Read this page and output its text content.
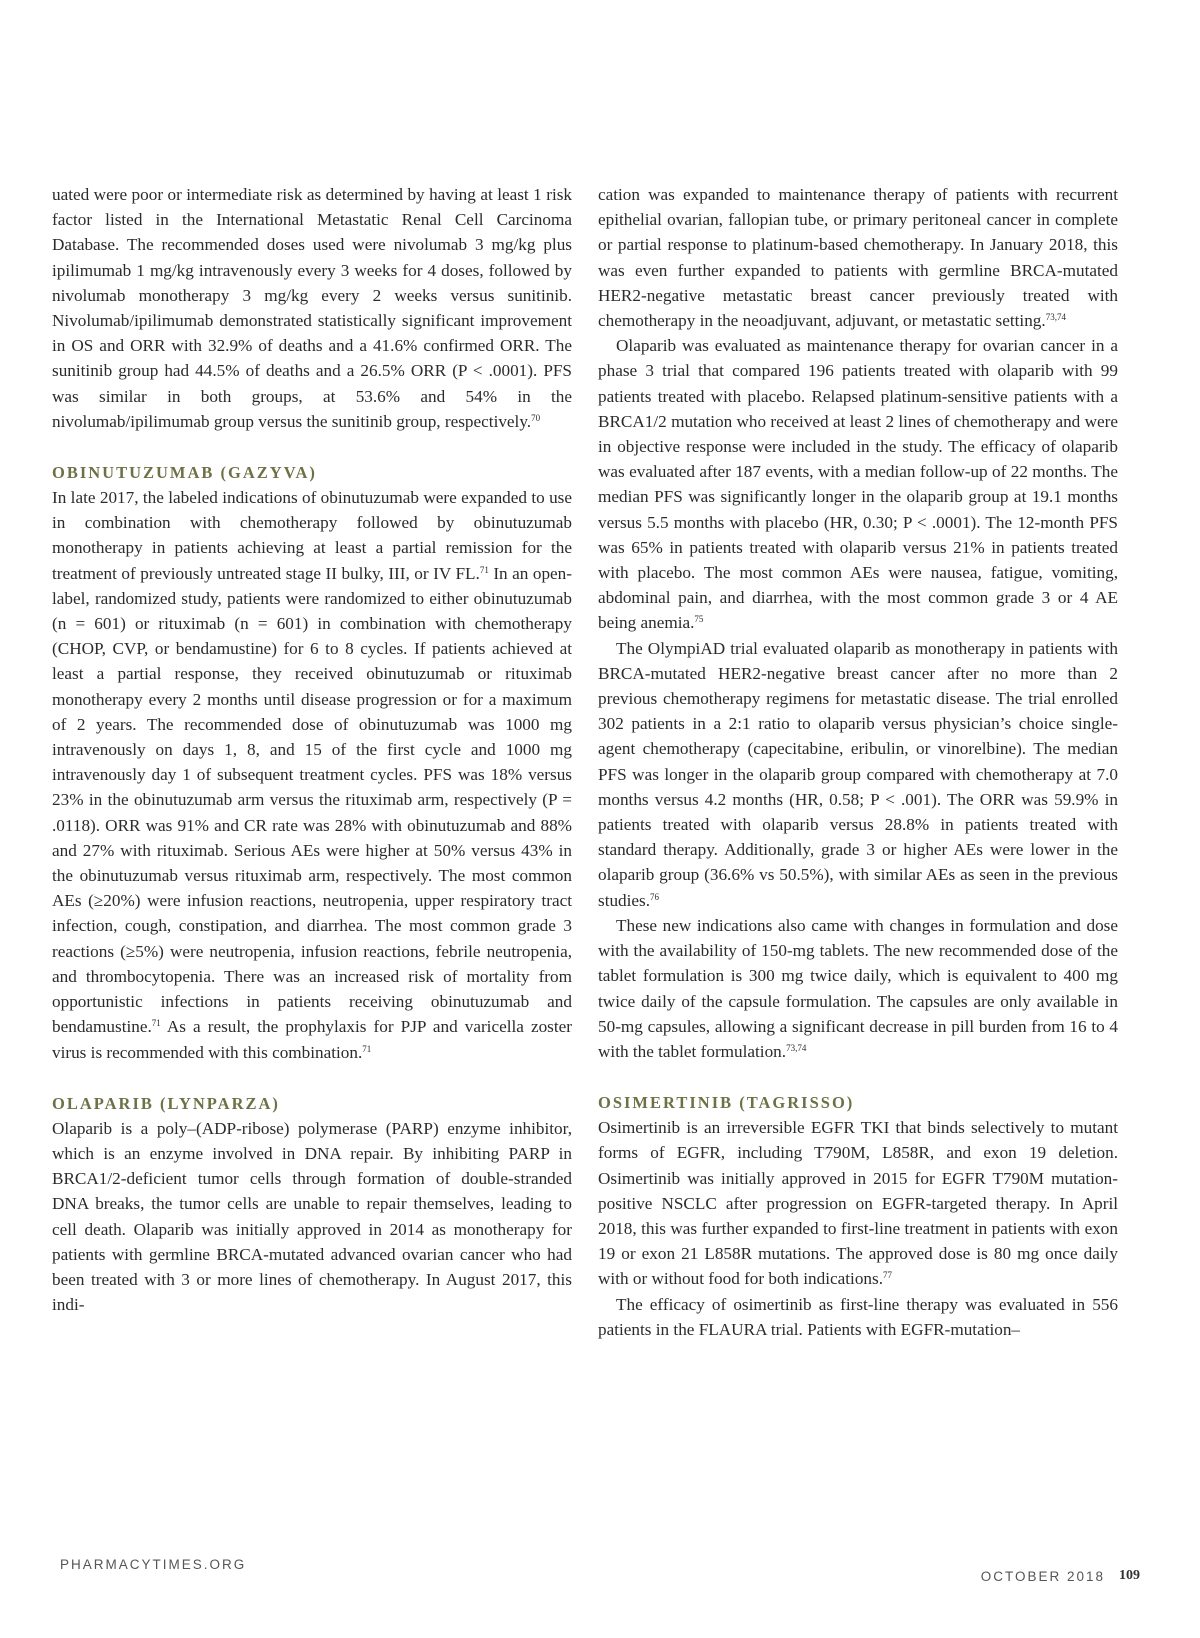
uated were poor or intermediate risk as determined by having at least 1 risk factor listed in the International Metastatic Renal Cell Carcinoma Database. The recommended doses used were nivolumab 3 mg/kg plus ipilimumab 1 mg/kg intravenously every 3 weeks for 4 doses, followed by nivolumab monotherapy 3 mg/kg every 2 weeks versus sunitinib. Nivolumab/ipilimumab demonstrated statistically significant improvement in OS and ORR with 32.9% of deaths and a 41.6% confirmed ORR. The sunitinib group had 44.5% of deaths and a 26.5% ORR (P < .0001). PFS was similar in both groups, at 53.6% and 54% in the nivolumab/ipilimumab group versus the sunitinib group, respectively.$^{70}$

OBINUTUZUMAB (GAZYVA)

In late 2017, the labeled indications of obinutuzumab were expanded to use in combination with chemotherapy followed by obinutuzumab monotherapy in patients achieving at least a partial remission for the treatment of previously untreated stage II bulky, III, or IV FL.$^{71}$ In an open-label, randomized study, patients were randomized to either obinutuzumab (n = 601) or rituximab (n = 601) in combination with chemotherapy (CHOP, CVP, or bendamustine) for 6 to 8 cycles. If patients achieved at least a partial response, they received obinutuzumab or rituximab monotherapy every 2 months until disease progression or for a maximum of 2 years. The recommended dose of obinutuzumab was 1000 mg intravenously on days 1, 8, and 15 of the first cycle and 1000 mg intravenously day 1 of subsequent treatment cycles. PFS was 18% versus 23% in the obinutuzumab arm versus the rituximab arm, respectively (P = .0118). ORR was 91% and CR rate was 28% with obinutuzumab and 88% and 27% with rituximab. Serious AEs were higher at 50% versus 43% in the obinutuzumab versus rituximab arm, respectively. The most common AEs (≥20%) were infusion reactions, neutropenia, upper respiratory tract infection, cough, constipation, and diarrhea. The most common grade 3 reactions (≥5%) were neutropenia, infusion reactions, febrile neutropenia, and thrombocytopenia. There was an increased risk of mortality from opportunistic infections in patients receiving obinutuzumab and bendamustine.$^{71}$ As a result, the prophylaxis for PJP and varicella zoster virus is recommended with this combination.$^{71}$

OLAPARIB (LYNPARZA)

Olaparib is a poly–(ADP-ribose) polymerase (PARP) enzyme inhibitor, which is an enzyme involved in DNA repair. By inhibiting PARP in BRCA1/2-deficient tumor cells through formation of double-stranded DNA breaks, the tumor cells are unable to repair themselves, leading to cell death. Olaparib was initially approved in 2014 as monotherapy for patients with germline BRCA-mutated advanced ovarian cancer who had been treated with 3 or more lines of chemotherapy. In August 2017, this indi-

cation was expanded to maintenance therapy of patients with recurrent epithelial ovarian, fallopian tube, or primary peritoneal cancer in complete or partial response to platinum-based chemotherapy. In January 2018, this was even further expanded to patients with germline BRCA-mutated HER2-negative metastatic breast cancer previously treated with chemotherapy in the neoadjuvant, adjuvant, or metastatic setting.$^{73,74}$

Olaparib was evaluated as maintenance therapy for ovarian cancer in a phase 3 trial that compared 196 patients treated with olaparib with 99 patients treated with placebo. Relapsed platinum-sensitive patients with a BRCA1/2 mutation who received at least 2 lines of chemotherapy and were in objective response were included in the study. The efficacy of olaparib was evaluated after 187 events, with a median follow-up of 22 months. The median PFS was significantly longer in the olaparib group at 19.1 months versus 5.5 months with placebo (HR, 0.30; P < .0001). The 12-month PFS was 65% in patients treated with olaparib versus 21% in patients treated with placebo. The most common AEs were nausea, fatigue, vomiting, abdominal pain, and diarrhea, with the most common grade 3 or 4 AE being anemia.$^{75}$

The OlympiAD trial evaluated olaparib as monotherapy in patients with BRCA-mutated HER2-negative breast cancer after no more than 2 previous chemotherapy regimens for metastatic disease. The trial enrolled 302 patients in a 2:1 ratio to olaparib versus physician’s choice single-agent chemotherapy (capecitabine, eribulin, or vinorelbine). The median PFS was longer in the olaparib group compared with chemotherapy at 7.0 months versus 4.2 months (HR, 0.58; P < .001). The ORR was 59.9% in patients treated with olaparib versus 28.8% in patients treated with standard therapy. Additionally, grade 3 or higher AEs were lower in the olaparib group (36.6% vs 50.5%), with similar AEs as seen in the previous studies.$^{76}$

These new indications also came with changes in formulation and dose with the availability of 150-mg tablets. The new recommended dose of the tablet formulation is 300 mg twice daily, which is equivalent to 400 mg twice daily of the capsule formulation. The capsules are only available in 50-mg capsules, allowing a significant decrease in pill burden from 16 to 4 with the tablet formulation.$^{73,74}$

OSIMERTINIB (TAGRISSO)

Osimertinib is an irreversible EGFR TKI that binds selectively to mutant forms of EGFR, including T790M, L858R, and exon 19 deletion. Osimertinib was initially approved in 2015 for EGFR T790M mutation-positive NSCLC after progression on EGFR-targeted therapy. In April 2018, this was further expanded to first-line treatment in patients with exon 19 or exon 21 L858R mutations. The approved dose is 80 mg once daily with or without food for both indications.$^{77}$

The efficacy of osimertinib as first-line therapy was evaluated in 556 patients in the FLAURA trial. Patients with EGFR-mutation–

PHARMACYTIMES.ORG
OCTOBER 2018 109
